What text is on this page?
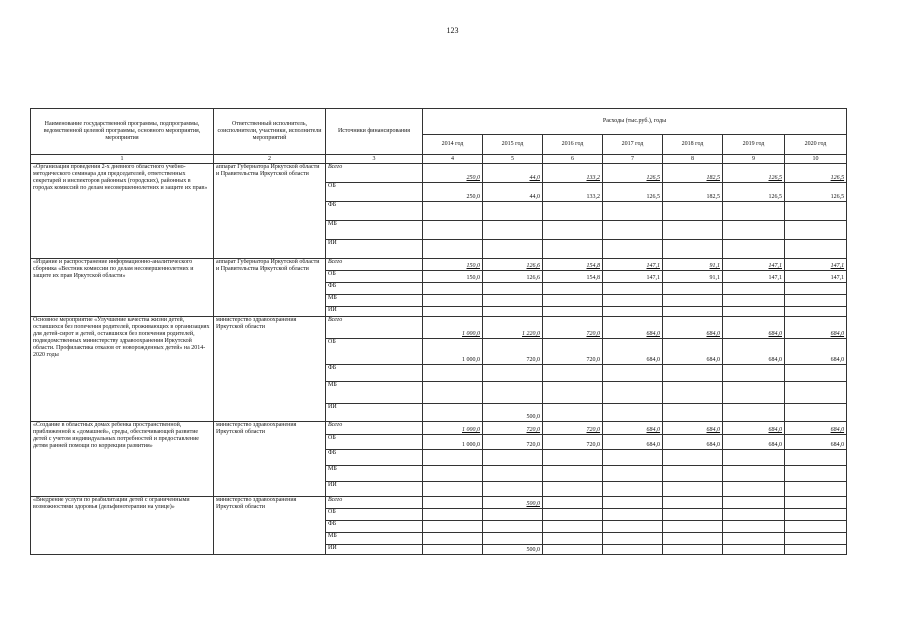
123
Наименование государственной программы, подпрограммы, ведомственной целевой программы, основного мероприятия, мероприятия	Ответственный исполнитель, соисполнители, участники, исполнители мероприятий	Источники финансирования	Расходы (тыс.руб.), годы						
			2014 год	2015 год	2016 год	2017 год	2018 год	2019 год	2020 год
1	2	3	4	5	6	7	8	9	10
«Организация проведения 2-х дневного областного учебно-методического семинара для председателей, ответственных секретарей и инспекторов районных (городских), районных в городах комиссий по делам несовершеннолетних и защите их прав»	аппарат Губернатора Иркутской области и Правительства Иркутской области	Всего	250,0	44,0	133,2	126,5	182,5	126,5	126,5
		ОБ	250,0	44,0	133,2	126,5	182,5	126,5	126,5
		ФБ							
		МБ							
		ИИ							
«Издание и распространение информационно-аналитического сборника «Вестник комиссии по делам несовершеннолетних и защите их прав Иркутской области»	аппарат Губернатора Иркутской области и Правительства Иркутской области	Всего	150,0	126,6	154,8	147,1	91,1	147,1	147,1
		ОБ	150,0	126,6	154,8	147,1	91,1	147,1	147,1
		ФБ							
		МБ							
		ИИ							
Основное мероприятие «Улучшение качества жизни детей, оставшихся без попечения родителей, проживающих в организациях для детей-сирот и детей, оставшихся без попечения родителей, подведомственных министерству здравоохранения Иркутской области. Профилактика отказов от новорожденных детей» на 2014-2020 годы	министерство здравоохранения Иркутской области	Всего	1 000,0	1 220,0	720,0	684,0	684,0	684,0	684,0
		ОБ	1 000,0	720,0	720,0	684,0	684,0	684,0	684,0
		ФБ							
		МБ							
		ИИ		500,0					
«Создание в областных домах ребенка пространственной, приближенной к «домашней», среды, обеспечивающей развитие детей с учетом индивидуальных потребностей и предоставление детям ранней помощи по коррекции развития»	министерство здравоохранения Иркутской области	Всего	1 000,0	720,0	720,0	684,0	684,0	684,0	684,0
		ОБ	1 000,0	720,0	720,0	684,0	684,0	684,0	684,0
		ФБ							
		МБ							
		ИИ							
«Внедрение услуги по реабилитации детей с ограниченными возможностями здоровья (дельфинотерапии на улице)»	министерство здравоохранения Иркутской области	Всего		500,0					
		ОБ							
		ФБ							
		МБ							
		ИИ		500,0					
